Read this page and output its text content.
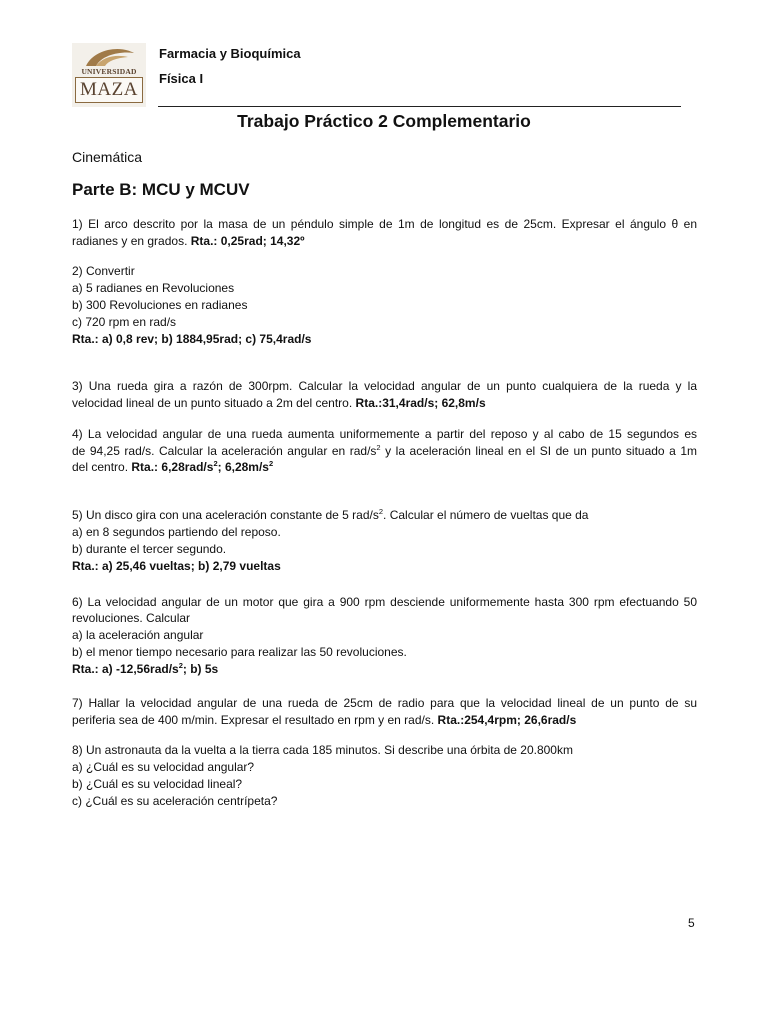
UNIVERSIDAD
MAZA
Farmacia y Bioquímica
Física I
Trabajo Práctico 2 Complementario
Cinemática
Parte B: MCU y MCUV
1) El arco descrito por la masa de un péndulo simple de 1m de longitud es de 25cm. Expresar el ángulo θ en
radianes y en grados. Rta.: 0,25rad; 14,32º
2) Convertir
a) 5 radianes en Revoluciones
b) 300 Revoluciones en radianes
c) 720 rpm en rad/s
Rta.: a) 0,8 rev; b) 1884,95rad; c) 75,4rad/s
3) Una rueda gira a razón de 300rpm. Calcular la velocidad angular de un punto cualquiera de la rueda y la
velocidad lineal de un punto situado a 2m del centro. Rta.:31,4rad/s; 62,8m/s
4) La velocidad angular de una rueda aumenta uniformemente a partir del reposo y al cabo de 15 segundos es
de 94,25 rad/s. Calcular la aceleración angular en rad/$s^2$ y la aceleración lineal en el SI de un punto situado a 1m
del centro. Rta.: $6,28rad/s^2$; $6,28m/s^2$
5) Un disco gira con una aceleración constante de 5 rad/$s^2$. Calcular el número de vueltas que da
a) en 8 segundos partiendo del reposo.
b) durante el tercer segundo.
Rta.: a) 25,46 vueltas; b) 2,79 vueltas
6) La velocidad angular de un motor que gira a 900 rpm desciende uniformemente hasta 300 rpm efectuando 50
revoluciones. Calcular
a) la aceleración angular
b) el menor tiempo necesario para realizar las 50 revoluciones.
Rta.: a) $-12,56rad/s^2$; b) 5s
7) Hallar la velocidad angular de una rueda de 25cm de radio para que la velocidad lineal de un punto de su
periferia sea de 400 m/min. Expresar el resultado en rpm y en rad/s. Rta.:254,4rpm; 26,6rad/s
8) Un astronauta da la vuelta a la tierra cada 185 minutos. Si describe una órbita de 20.800km
a) ¿Cuál es su velocidad angular?
b) ¿Cuál es su velocidad lineal?
c) ¿Cuál es su aceleración centrípeta?
5
